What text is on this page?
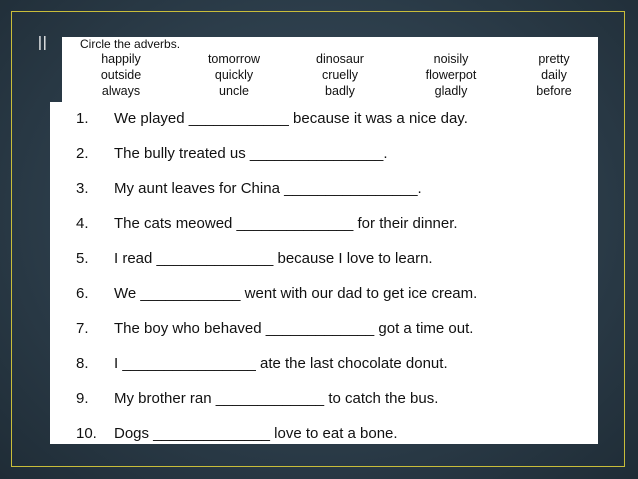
||	Circle the adverbs.
happily	tomorrow	dinosaur	noisily	pretty
outside	quickly	cruelly	flowerpot	daily
always	uncle	badly	gladly	before
1.	We played ____________ because it was a nice day.
2.	The bully treated us ________________.
3.	My aunt leaves for China ________________.
4.	The cats meowed ______________ for their dinner.
5.	I read ______________ because I love to learn.
6.	We ____________ went with our dad to get ice cream.
7.	The boy who behaved _____________ got a time out.
8.	I ________________ ate the last chocolate donut.
9.	My brother ran _____________ to catch the bus.
10.	Dogs ______________ love to eat a bone.
